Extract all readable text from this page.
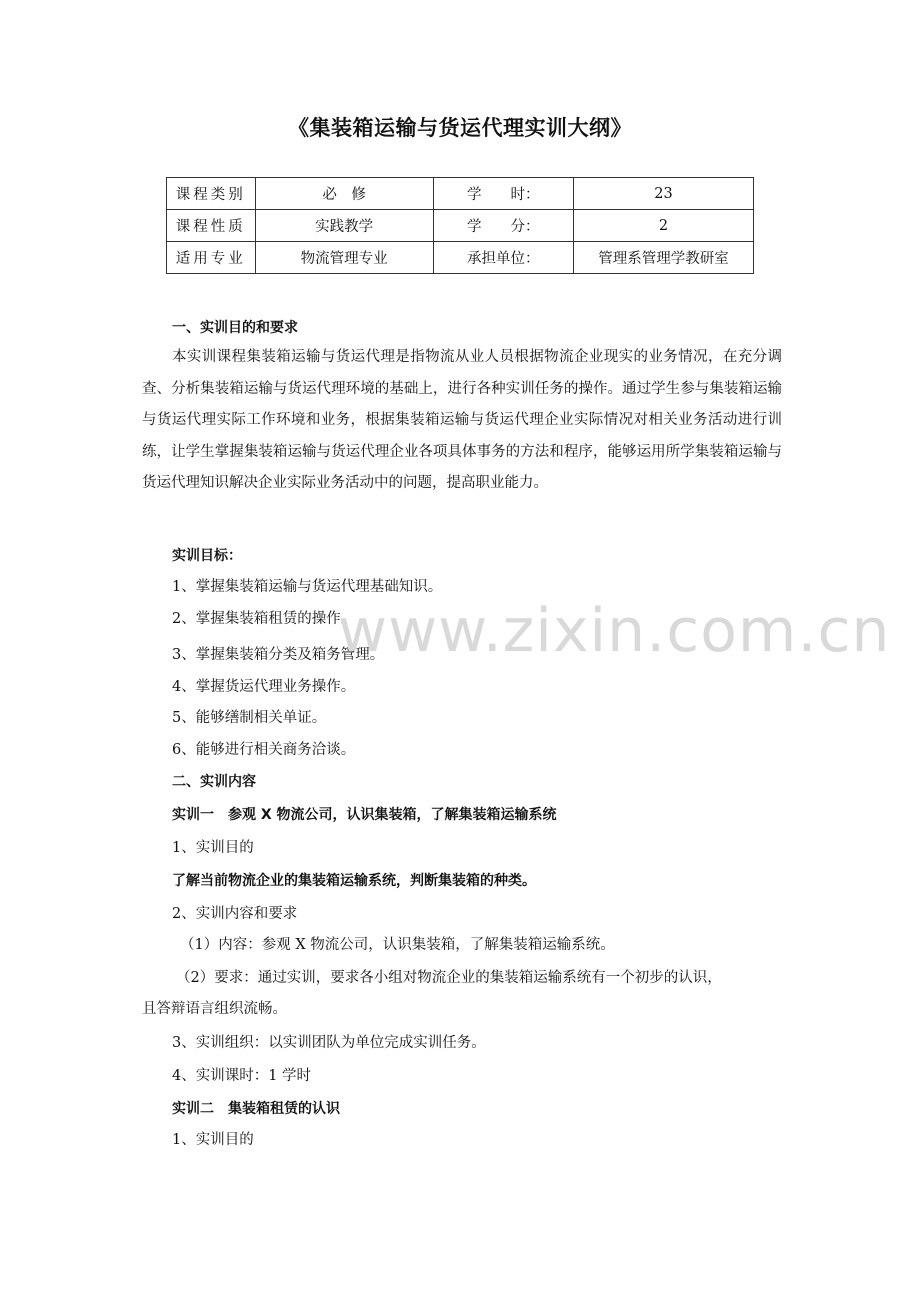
《集装箱运输与货运代理实训大纲》
课程类别	必　修	学　　时：	23
课程性质	实践教学	学　　分：	2
适用专业	物流管理专业	承担单位：	管理系管理学教研室
一、实训目的和要求
本实训课程集装箱运输与货运代理是指物流从业人员根据物流企业现实的业务情况，在充分调查、分析集装箱运输与货运代理环境的基础上，进行各种实训任务的操作。通过学生参与集装箱运输与货运代理实际工作环境和业务，根据集装箱运输与货运代理企业实际情况对相关业务活动进行训练，让学生掌握集装箱运输与货运代理企业各项具体事务的方法和程序，能够运用所学集装箱运输与货运代理知识解决企业实际业务活动中的问题，提高职业能力。
实训目标：
1、掌握集装箱运输与货运代理基础知识。
2、掌握集装箱租赁的操作。
3、掌握集装箱分类及箱务管理。
4、掌握货运代理业务操作。
5、能够缮制相关单证。
6、能够进行相关商务洽谈。
二、实训内容
实训一　参观 X 物流公司，认识集装箱，了解集装箱运输系统
1、实训目的
了解当前物流企业的集装箱运输系统，判断集装箱的种类。
2、实训内容和要求
（1）内容：参观 X 物流公司，认识集装箱，了解集装箱运输系统。
（2）要求：通过实训，要求各小组对物流企业的集装箱运输系统有一个初步的认识，
且答辩语言组织流畅。
3、实训组织：以实训团队为单位完成实训任务。
4、实训课时：1 学时
实训二　集装箱租赁的认识
1、实训目的
www.zixin.com.cn
